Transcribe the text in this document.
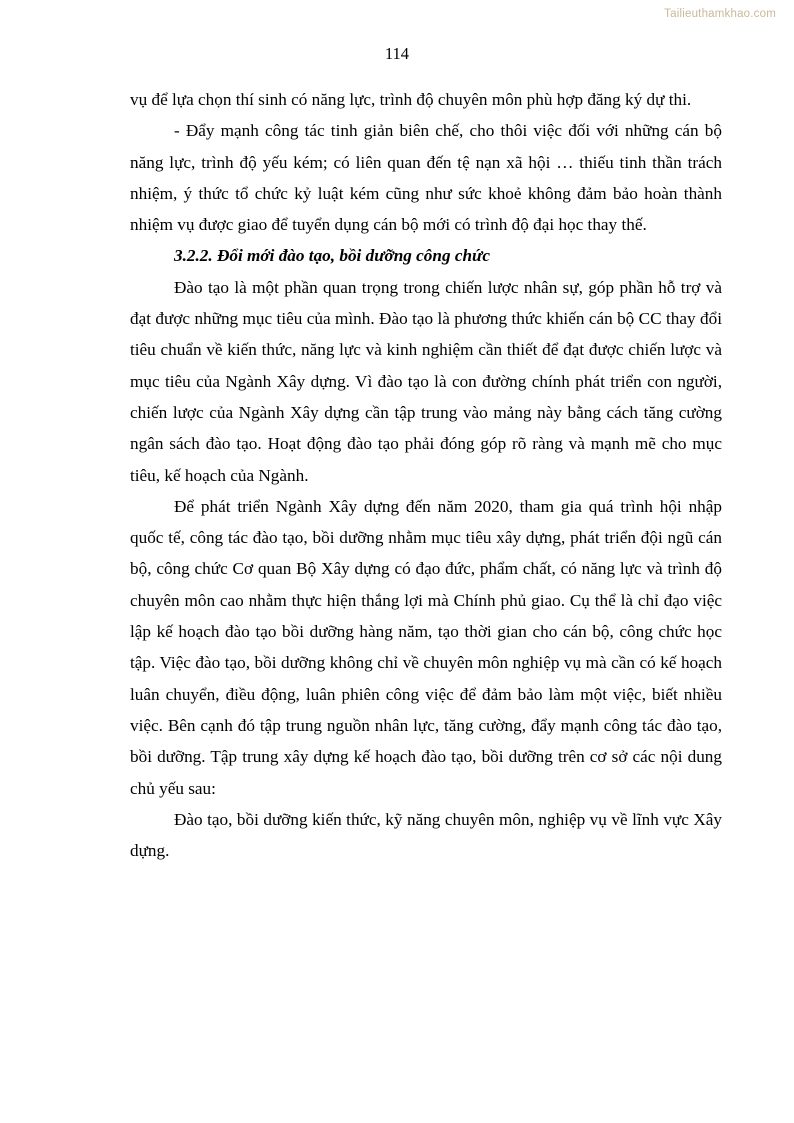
Tailieuthamkhao.com
114

vụ để lựa chọn thí sinh có năng lực, trình độ chuyên môn phù hợp đăng ký dự thi.

- Đẩy mạnh công tác tinh giản biên chế, cho thôi việc đối với những cán bộ năng lực, trình độ yếu kém; có liên quan đến tệ nạn xã hội … thiếu tinh thần trách nhiệm, ý thức tổ chức kỷ luật kém cũng như sức khoẻ không đảm bảo hoàn thành nhiệm vụ được giao để tuyển dụng cán bộ mới có trình độ đại học thay thế.

3.2.2. Đổi mới đào tạo, bồi dưỡng công chức

Đào tạo là một phần quan trọng trong chiến lược nhân sự, góp phần hỗ trợ và đạt được những mục tiêu của mình. Đào tạo là phương thức khiến cán bộ CC thay đổi tiêu chuẩn về kiến thức, năng lực và kinh nghiệm cần thiết để đạt được chiến lược và mục tiêu của Ngành Xây dựng. Vì đào tạo là con đường chính phát triển con người, chiến lược của Ngành Xây dựng cần tập trung vào mảng này bằng cách tăng cường ngân sách đào tạo. Hoạt động đào tạo phải đóng góp rõ ràng và mạnh mẽ cho mục tiêu, kế hoạch của Ngành.

Để phát triển Ngành Xây dựng đến năm 2020, tham gia quá trình hội nhập quốc tế, công tác đào tạo, bồi dưỡng nhằm mục tiêu xây dựng, phát triển đội ngũ cán bộ, công chức Cơ quan Bộ Xây dựng có đạo đức, phẩm chất, có năng lực và trình độ chuyên môn cao nhằm thực hiện thắng lợi mà Chính phủ giao. Cụ thể là chỉ đạo việc lập kế hoạch đào tạo bồi dưỡng hàng năm, tạo thời gian cho cán bộ, công chức học tập. Việc đào tạo, bồi dưỡng không chỉ về chuyên môn nghiệp vụ mà cần có kế hoạch luân chuyển, điều động, luân phiên công việc để đảm bảo làm một việc, biết nhiều việc. Bên cạnh đó tập trung nguồn nhân lực, tăng cường, đẩy mạnh công tác đào tạo, bồi dưỡng. Tập trung xây dựng kế hoạch đào tạo, bồi dưỡng trên cơ sở các nội dung chủ yếu sau:

Đào tạo, bồi dưỡng kiến thức, kỹ năng chuyên môn, nghiệp vụ về lĩnh vực Xây dựng.
